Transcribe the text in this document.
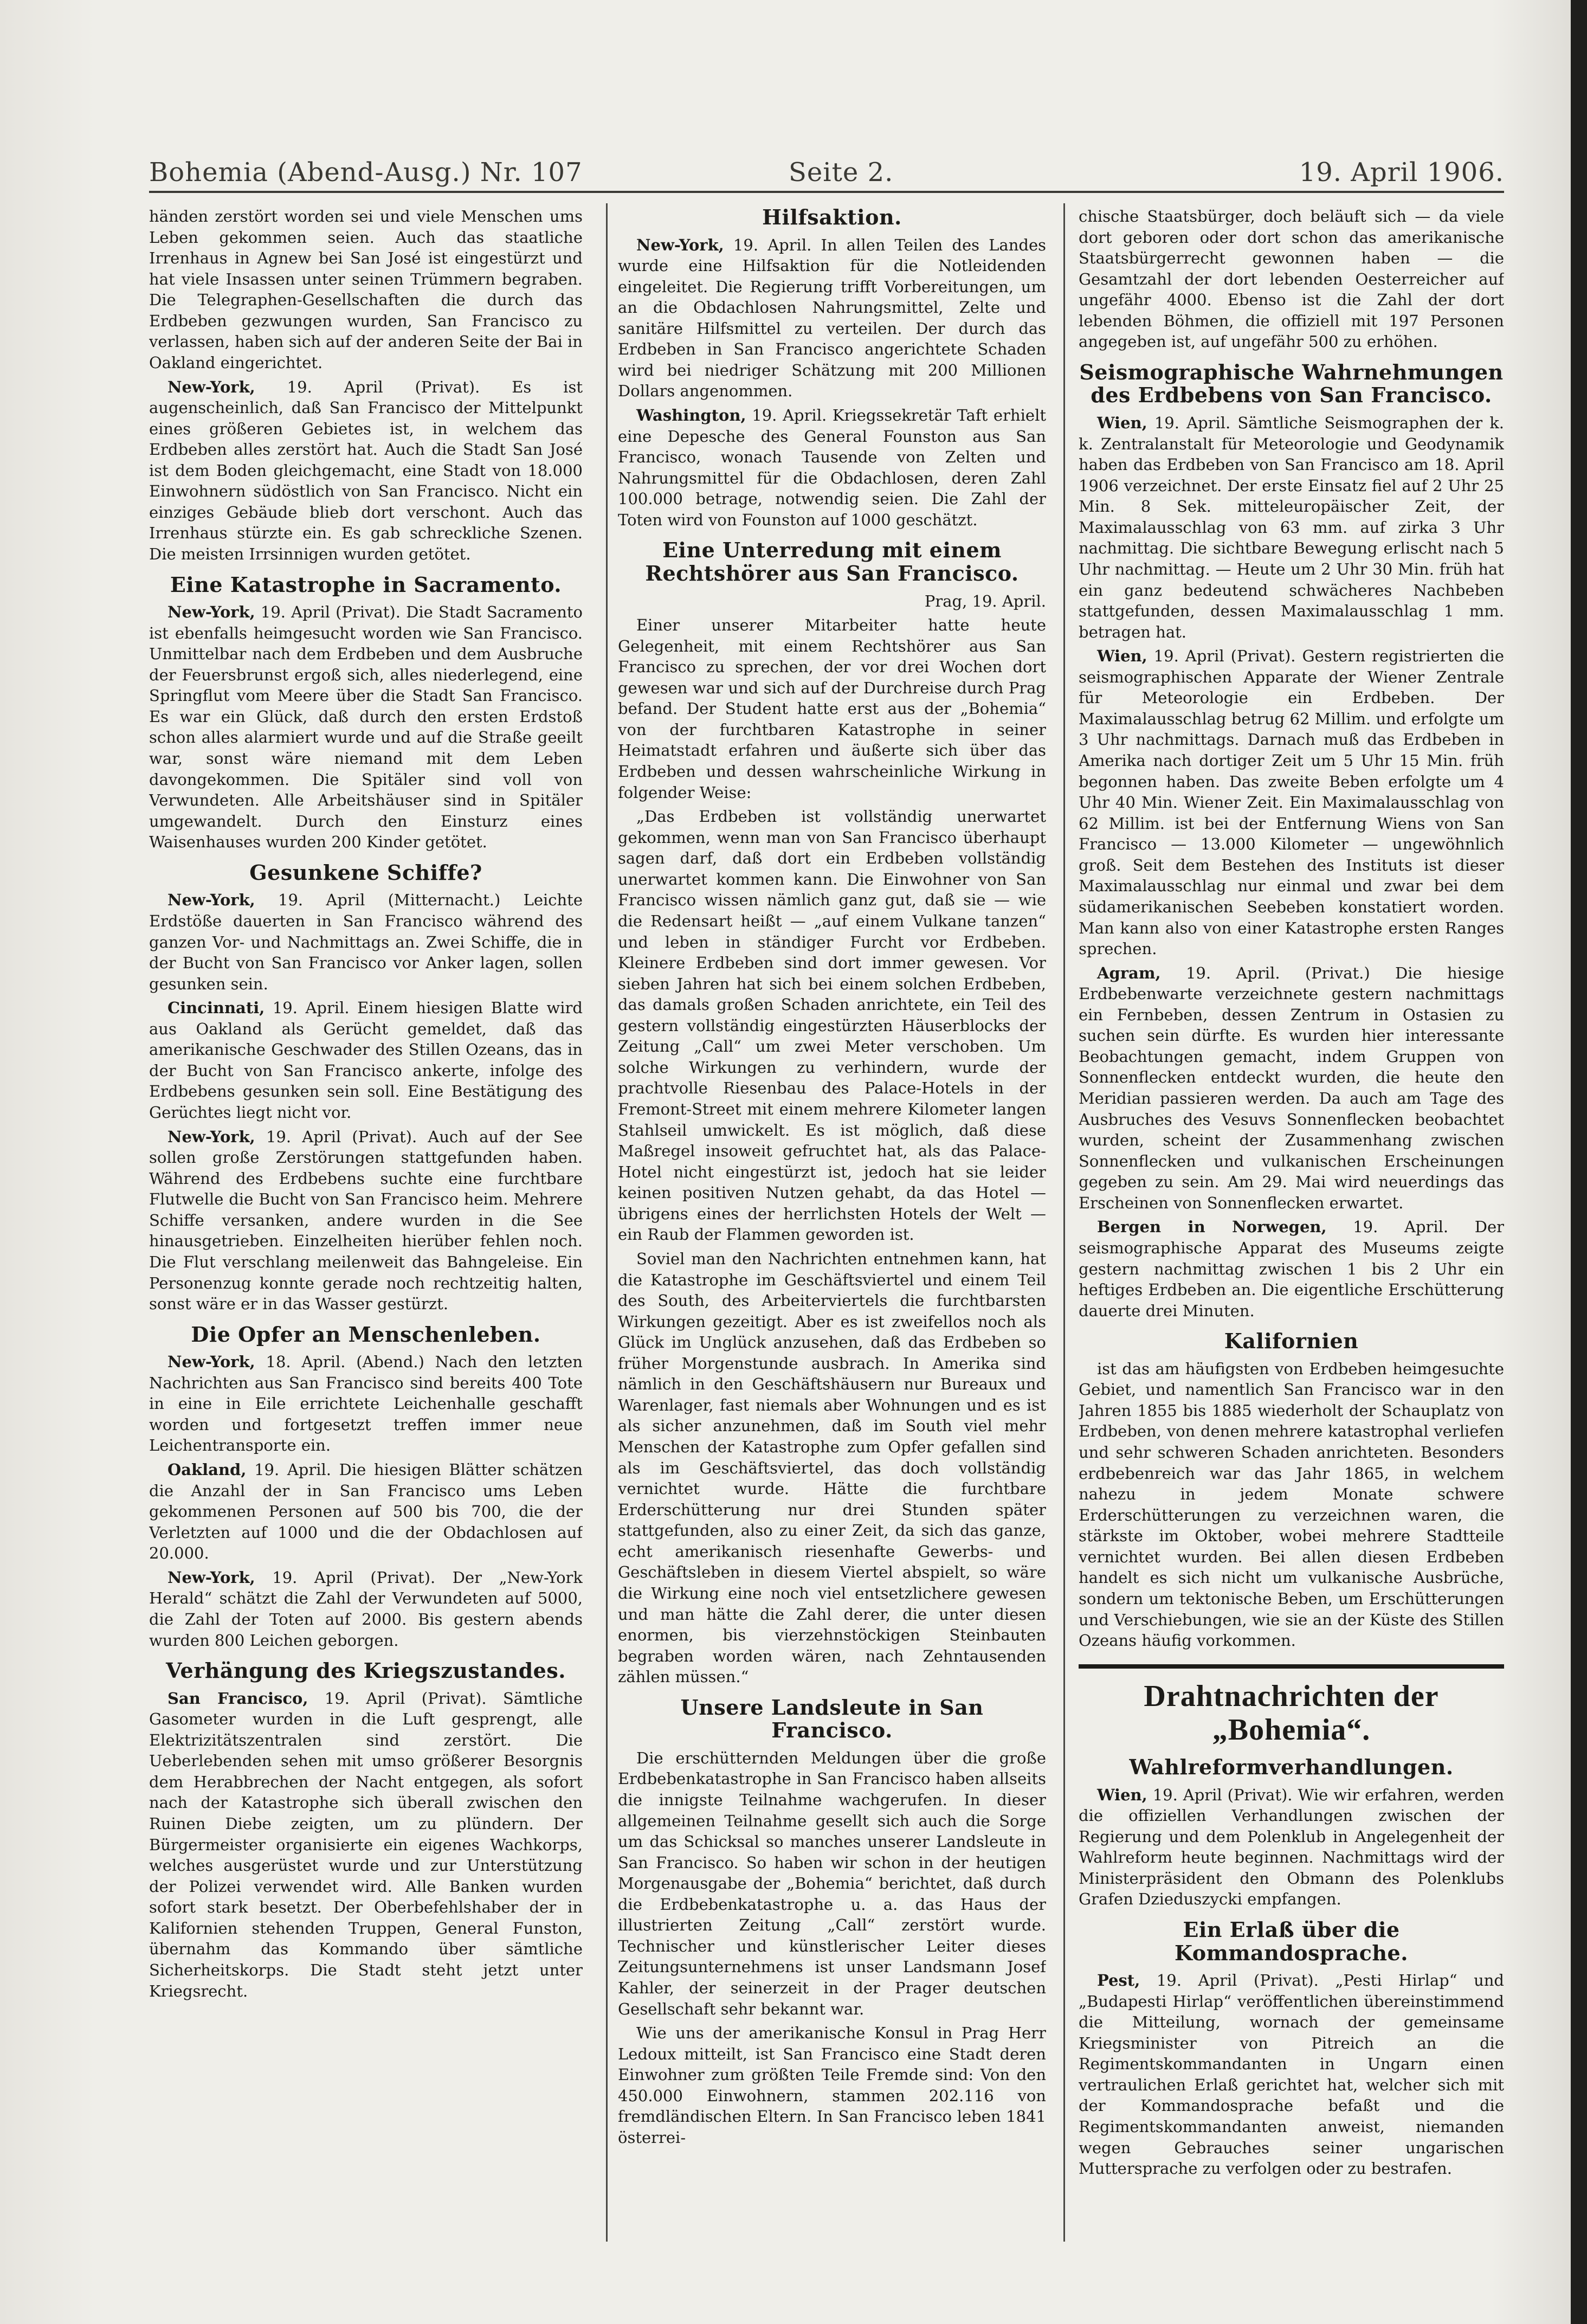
Bohemia (Abend-Ausg.) Nr. 107	Seite 2.	19. April 1906.

händen zerstört worden sei und viele Menschen ums Leben gekommen seien. Auch das staatliche Irrenhaus in Agnew bei San José ist eingestürzt und hat viele Insassen unter seinen Trümmern begraben. Die Telegraphen-Gesellschaften die durch das Erdbeben gezwungen wurden, San Francisco zu verlassen, haben sich auf der anderen Seite der Bai in Oakland eingerichtet.

New-York, 19. April (Privat). Es ist augenscheinlich, daß San Francisco der Mittelpunkt eines größeren Gebietes ist, in welchem das Erdbeben alles zerstört hat. Auch die Stadt San José ist dem Boden gleichgemacht, eine Stadt von 18.000 Einwohnern südöstlich von San Francisco. Nicht ein einziges Gebäude blieb dort verschont. Auch das Irrenhaus stürzte ein. Es gab schreckliche Szenen. Die meisten Irrsinnigen wurden getötet.

Eine Katastrophe in Sacramento.

New-York, 19. April (Privat). Die Stadt Sacramento ist ebenfalls heimgesucht worden wie San Francisco. Unmittelbar nach dem Erdbeben und dem Ausbruche der Feuersbrunst ergoß sich, alles niederlegend, eine Springflut vom Meere über die Stadt San Francisco. Es war ein Glück, daß durch den ersten Erdstoß schon alles alarmiert wurde und auf die Straße geeilt war, sonst wäre niemand mit dem Leben davongekommen. Die Spitäler sind voll von Verwundeten. Alle Arbeitshäuser sind in Spitäler umgewandelt. Durch den Einsturz eines Waisenhauses wurden 200 Kinder getötet.

Gesunkene Schiffe?

New-York, 19. April (Mitternacht.) Leichte Erdstöße dauerten in San Francisco während des ganzen Vor- und Nachmittags an. Zwei Schiffe, die in der Bucht von San Francisco vor Anker lagen, sollen gesunken sein.

Cincinnati, 19. April. Einem hiesigen Blatte wird aus Oakland als Gerücht gemeldet, daß das amerikanische Geschwader des Stillen Ozeans, das in der Bucht von San Francisco ankerte, infolge des Erdbebens gesunken sein soll. Eine Bestätigung des Gerüchtes liegt nicht vor.

New-York, 19. April (Privat). Auch auf der See sollen große Zerstörungen stattgefunden haben. Während des Erdbebens suchte eine furchtbare Flutwelle die Bucht von San Francisco heim. Mehrere Schiffe versanken, andere wurden in die See hinausgetrieben. Einzelheiten hierüber fehlen noch. Die Flut verschlang meilenweit das Bahngeleise. Ein Personenzug konnte gerade noch rechtzeitig halten, sonst wäre er in das Wasser gestürzt.

Die Opfer an Menschenleben.

New-York, 18. April. (Abend.) Nach den letzten Nachrichten aus San Francisco sind bereits 400 Tote in eine in Eile errichtete Leichenhalle geschafft worden und fortgesetzt treffen immer neue Leichentransporte ein.

Oakland, 19. April. Die hiesigen Blätter schätzen die Anzahl der in San Francisco ums Leben gekommenen Personen auf 500 bis 700, die der Verletzten auf 1000 und die der Obdachlosen auf 20.000.

New-York, 19. April (Privat). Der „New-York Herald“ schätzt die Zahl der Verwundeten auf 5000, die Zahl der Toten auf 2000. Bis gestern abends wurden 800 Leichen geborgen.

Verhängung des Kriegszustandes.

San Francisco, 19. April (Privat). Sämtliche Gasometer wurden in die Luft gesprengt, alle Elektrizitätszentralen sind zerstört. Die Ueberlebenden sehen mit umso größerer Besorgnis dem Herabbrechen der Nacht entgegen, als sofort nach der Katastrophe sich überall zwischen den Ruinen Diebe zeigten, um zu plündern. Der Bürgermeister organisierte ein eigenes Wachkorps, welches ausgerüstet wurde und zur Unterstützung der Polizei verwendet wird. Alle Banken wurden sofort stark besetzt. Der Oberbefehlshaber der in Kalifornien stehenden Truppen, General Funston, übernahm das Kommando über sämtliche Sicherheitskorps. Die Stadt steht jetzt unter Kriegsrecht.

Hilfsaktion.

New-York, 19. April. In allen Teilen des Landes wurde eine Hilfsaktion für die Notleidenden eingeleitet. Die Regierung trifft Vorbereitungen, um an die Obdachlosen Nahrungsmittel, Zelte und sanitäre Hilfsmittel zu verteilen. Der durch das Erdbeben in San Francisco angerichtete Schaden wird bei niedriger Schätzung mit 200 Millionen Dollars angenommen.

Washington, 19. April. Kriegssekretär Taft erhielt eine Depesche des General Founston aus San Francisco, wonach Tausende von Zelten und Nahrungsmittel für die Obdachlosen, deren Zahl 100.000 betrage, notwendig seien. Die Zahl der Toten wird von Founston auf 1000 geschätzt.

Eine Unterredung mit einem Rechtshörer aus San Francisco.

Prag, 19. April.

Einer unserer Mitarbeiter hatte heute Gelegenheit, mit einem Rechtshörer aus San Francisco zu sprechen, der vor drei Wochen dort gewesen war und sich auf der Durchreise durch Prag befand. Der Student hatte erst aus der „Bohemia“ von der furchtbaren Katastrophe in seiner Heimatstadt erfahren und äußerte sich über das Erdbeben und dessen wahrscheinliche Wirkung in folgender Weise:

„Das Erdbeben ist vollständig unerwartet gekommen, wenn man von San Francisco überhaupt sagen darf, daß dort ein Erdbeben vollständig unerwartet kommen kann. Die Einwohner von San Francisco wissen nämlich ganz gut, daß sie — wie die Redensart heißt — „auf einem Vulkane tanzen“ und leben in ständiger Furcht vor Erdbeben. Kleinere Erdbeben sind dort immer gewesen. Vor sieben Jahren hat sich bei einem solchen Erdbeben, das damals großen Schaden anrichtete, ein Teil des gestern vollständig eingestürzten Häuserblocks der Zeitung „Call“ um zwei Meter verschoben. Um solche Wirkungen zu verhindern, wurde der prachtvolle Riesenbau des Palace-Hotels in der Fremont-Street mit einem mehrere Kilometer langen Stahlseil umwickelt. Es ist möglich, daß diese Maßregel insoweit gefruchtet hat, als das Palace-Hotel nicht eingestürzt ist, jedoch hat sie leider keinen positiven Nutzen gehabt, da das Hotel — übrigens eines der herrlichsten Hotels der Welt — ein Raub der Flammen geworden ist.

Soviel man den Nachrichten entnehmen kann, hat die Katastrophe im Geschäftsviertel und einem Teil des South, des Arbeiterviertels die furchtbarsten Wirkungen gezeitigt. Aber es ist zweifellos noch als Glück im Unglück anzusehen, daß das Erdbeben so früher Morgenstunde ausbrach. In Amerika sind nämlich in den Geschäftshäusern nur Bureaux und Warenlager, fast niemals aber Wohnungen und es ist als sicher anzunehmen, daß im South viel mehr Menschen der Katastrophe zum Opfer gefallen sind als im Geschäftsviertel, das doch vollständig vernichtet wurde. Hätte die furchtbare Erderschütterung nur drei Stunden später stattgefunden, also zu einer Zeit, da sich das ganze, echt amerikanisch riesenhafte Gewerbs- und Geschäftsleben in diesem Viertel abspielt, so wäre die Wirkung eine noch viel entsetzlichere gewesen und man hätte die Zahl derer, die unter diesen enormen, bis vierzehnstöckigen Steinbauten begraben worden wären, nach Zehntausenden zählen müssen.“

Unsere Landsleute in San Francisco.

Die erschütternden Meldungen über die große Erdbebenkatastrophe in San Francisco haben allseits die innigste Teilnahme wachgerufen. In dieser allgemeinen Teilnahme gesellt sich auch die Sorge um das Schicksal so manches unserer Landsleute in San Francisco. So haben wir schon in der heutigen Morgenausgabe der „Bohemia“ berichtet, daß durch die Erdbebenkatastrophe u. a. das Haus der illustrierten Zeitung „Call“ zerstört wurde. Technischer und künstlerischer Leiter dieses Zeitungsunternehmens ist unser Landsmann Josef Kahler, der seinerzeit in der Prager deutschen Gesellschaft sehr bekannt war.

Wie uns der amerikanische Konsul in Prag Herr Ledoux mitteilt, ist San Francisco eine Stadt deren Einwohner zum größten Teile Fremde sind: Von den 450.000 Einwohnern, stammen 202.116 von fremdländischen Eltern. In San Francisco leben 1841 österrei-

chische Staatsbürger, doch beläuft sich — da viele dort geboren oder dort schon das amerikanische Staatsbürgerrecht gewonnen haben — die Gesamtzahl der dort lebenden Oesterreicher auf ungefähr 4000. Ebenso ist die Zahl der dort lebenden Böhmen, die offiziell mit 197 Personen angegeben ist, auf ungefähr 500 zu erhöhen.

Seismographische Wahrnehmungen des Erdbebens von San Francisco.

Wien, 19. April. Sämtliche Seismographen der k. k. Zentralanstalt für Meteorologie und Geodynamik haben das Erdbeben von San Francisco am 18. April 1906 verzeichnet. Der erste Einsatz fiel auf 2 Uhr 25 Min. 8 Sek. mitteleuropäischer Zeit, der Maximalausschlag von 63 mm. auf zirka 3 Uhr nachmittag. Die sichtbare Bewegung erlischt nach 5 Uhr nachmittag. — Heute um 2 Uhr 30 Min. früh hat ein ganz bedeutend schwächeres Nachbeben stattgefunden, dessen Maximalausschlag 1 mm. betragen hat.

Wien, 19. April (Privat). Gestern registrierten die seismographischen Apparate der Wiener Zentrale für Meteorologie ein Erdbeben. Der Maximalausschlag betrug 62 Millim. und erfolgte um 3 Uhr nachmittags. Darnach muß das Erdbeben in Amerika nach dortiger Zeit um 5 Uhr 15 Min. früh begonnen haben. Das zweite Beben erfolgte um 4 Uhr 40 Min. Wiener Zeit. Ein Maximalausschlag von 62 Millim. ist bei der Entfernung Wiens von San Francisco — 13.000 Kilometer — ungewöhnlich groß. Seit dem Bestehen des Instituts ist dieser Maximalausschlag nur einmal und zwar bei dem südamerikanischen Seebeben konstatiert worden. Man kann also von einer Katastrophe ersten Ranges sprechen.

Agram, 19. April. (Privat.) Die hiesige Erdbebenwarte verzeichnete gestern nachmittags ein Fernbeben, dessen Zentrum in Ostasien zu suchen sein dürfte. Es wurden hier interessante Beobachtungen gemacht, indem Gruppen von Sonnenflecken entdeckt wurden, die heute den Meridian passieren werden. Da auch am Tage des Ausbruches des Vesuvs Sonnenflecken beobachtet wurden, scheint der Zusammenhang zwischen Sonnenflecken und vulkanischen Erscheinungen gegeben zu sein. Am 29. Mai wird neuerdings das Erscheinen von Sonnenflecken erwartet.

Bergen in Norwegen, 19. April. Der seismographische Apparat des Museums zeigte gestern nachmittag zwischen 1 bis 2 Uhr ein heftiges Erdbeben an. Die eigentliche Erschütterung dauerte drei Minuten.

Kalifornien

ist das am häufigsten von Erdbeben heimgesuchte Gebiet, und namentlich San Francisco war in den Jahren 1855 bis 1885 wiederholt der Schauplatz von Erdbeben, von denen mehrere katastrophal verliefen und sehr schweren Schaden anrichteten. Besonders erdbebenreich war das Jahr 1865, in welchem nahezu in jedem Monate schwere Erderschütterungen zu verzeichnen waren, die stärkste im Oktober, wobei mehrere Stadtteile vernichtet wurden. Bei allen diesen Erdbeben handelt es sich nicht um vulkanische Ausbrüche, sondern um tektonische Beben, um Erschütterungen und Verschiebungen, wie sie an der Küste des Stillen Ozeans häufig vorkommen.

Drahtnachrichten der „Bohemia“.
Wahlreformverhandlungen.

Wien, 19. April (Privat). Wie wir erfahren, werden die offiziellen Verhandlungen zwischen der Regierung und dem Polenklub in Angelegenheit der Wahlreform heute beginnen. Nachmittags wird der Ministerpräsident den Obmann des Polenklubs Grafen Dzieduszycki empfangen.

Ein Erlaß über die Kommandosprache.

Pest, 19. April (Privat). „Pesti Hirlap“ und „Budapesti Hirlap“ veröffentlichen übereinstimmend die Mitteilung, wornach der gemeinsame Kriegsminister von Pitreich an die Regimentskommandanten in Ungarn einen vertraulichen Erlaß gerichtet hat, welcher sich mit der Kommandosprache befaßt und die Regimentskommandanten anweist, niemanden wegen Gebrauches seiner ungarischen Muttersprache zu verfolgen oder zu bestrafen.
